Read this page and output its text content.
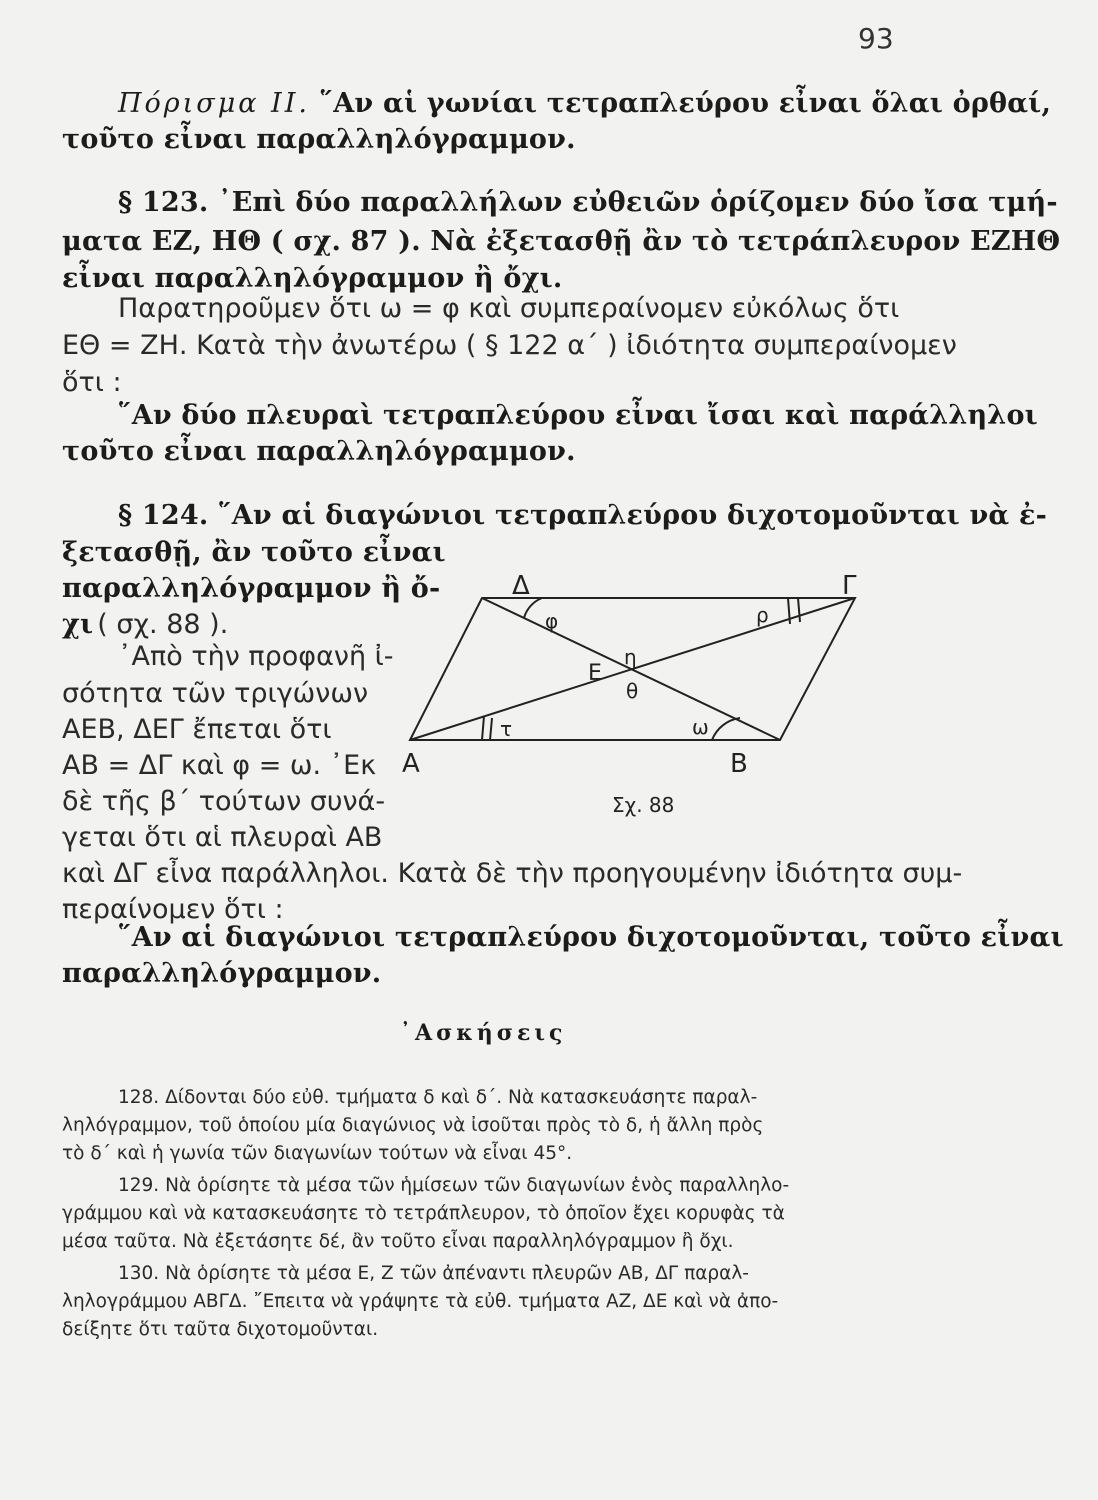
93
Πόρισμα ΙΙ. ῞Αν αἱ γωνίαι τετραπλεύρου εἶναι ὅλαι ὀρθαί,
τοῦτο εἶναι παραλληλόγραμμον.
§ 123. ᾿Επὶ δύο παραλλήλων εὐθειῶν ὁρίζομεν δύο ἴσα τμή-
ματα ΕΖ, ΗΘ ( σχ. 87 ). Νὰ ἐξετασθῇ ἂν τὸ τετράπλευρον ΕΖΗΘ
εἶναι παραλληλόγραμμον ἢ ὄχι.
Παρατηροῦμεν ὅτι ω = φ καὶ συμπεραίνομεν εὐκόλως ὅτι
ΕΘ = ΖΗ. Κατὰ τὴν ἀνωτέρω ( § 122 α΄ ) ἰδιότητα συμπεραίνομεν
ὅτι :
῞Αν δύο πλευραὶ τετραπλεύρου εἶναι ἴσαι καὶ παράλληλοι
τοῦτο εἶναι παραλληλόγραμμον.
§ 124. ῞Αν αἱ διαγώνιοι τετραπλεύρου διχοτομοῦνται νὰ ἐ-
ξετασθῇ, ἂν τοῦτο εἶναι
παραλληλόγραμμον ἢ ὄ-
χι ( σχ. 88 ).
᾿Απὸ τὴν προφανῆ ἰ-
σότητα τῶν τριγώνων
ΑΕΒ, ΔΕΓ ἔπεται ὅτι
ΑΒ = ΔΓ καὶ φ = ω. ᾿Εκ
δὲ τῆς β΄ τούτων συνά-
γεται ὅτι αἱ πλευραὶ ΑΒ
καὶ ΔΓ εἶνα παράλληλοι. Κατὰ δὲ τὴν προηγουμένην ἰδιότητα συμ-
περαίνομεν ὅτι :
῞Αν αἱ διαγώνιοι τετραπλεύρου διχοτομοῦνται, τοῦτο εἶναι
παραλληλόγραμμον.
Δ	Γ
Α	Β
Ε
φ	ρ
η
θ
τ	ω
Σχ. 88
᾿Ασκήσεις
128. Δίδονται δύο εὐθ. τμήματα δ καὶ δ΄. Νὰ κατασκευάσητε παραλ-
ληλόγραμμον, τοῦ ὁποίου μία διαγώνιος νὰ ἰσοῦται πρὸς τὸ δ, ἡ ἄλλη πρὸς
τὸ δ΄ καὶ ἡ γωνία τῶν διαγωνίων τούτων νὰ εἶναι 45°.
129. Νὰ ὁρίσητε τὰ μέσα τῶν ἡμίσεων τῶν διαγωνίων ἑνὸς παραλληλο-
γράμμου καὶ νὰ κατασκευάσητε τὸ τετράπλευρον, τὸ ὁποῖον ἔχει κορυφὰς τὰ
μέσα ταῦτα. Νὰ ἐξετάσητε δέ, ἂν τοῦτο εἶναι παραλληλόγραμμον ἢ ὄχι.
130. Νὰ ὁρίσητε τὰ μέσα Ε, Ζ τῶν ἀπέναντι πλευρῶν ΑΒ, ΔΓ παραλ-
ληλογράμμου ΑΒΓΔ. ῎Επειτα νὰ γράψητε τὰ εὐθ. τμήματα ΑΖ, ΔΕ καὶ νὰ ἀπο-
δείξητε ὅτι ταῦτα διχοτομοῦνται.
